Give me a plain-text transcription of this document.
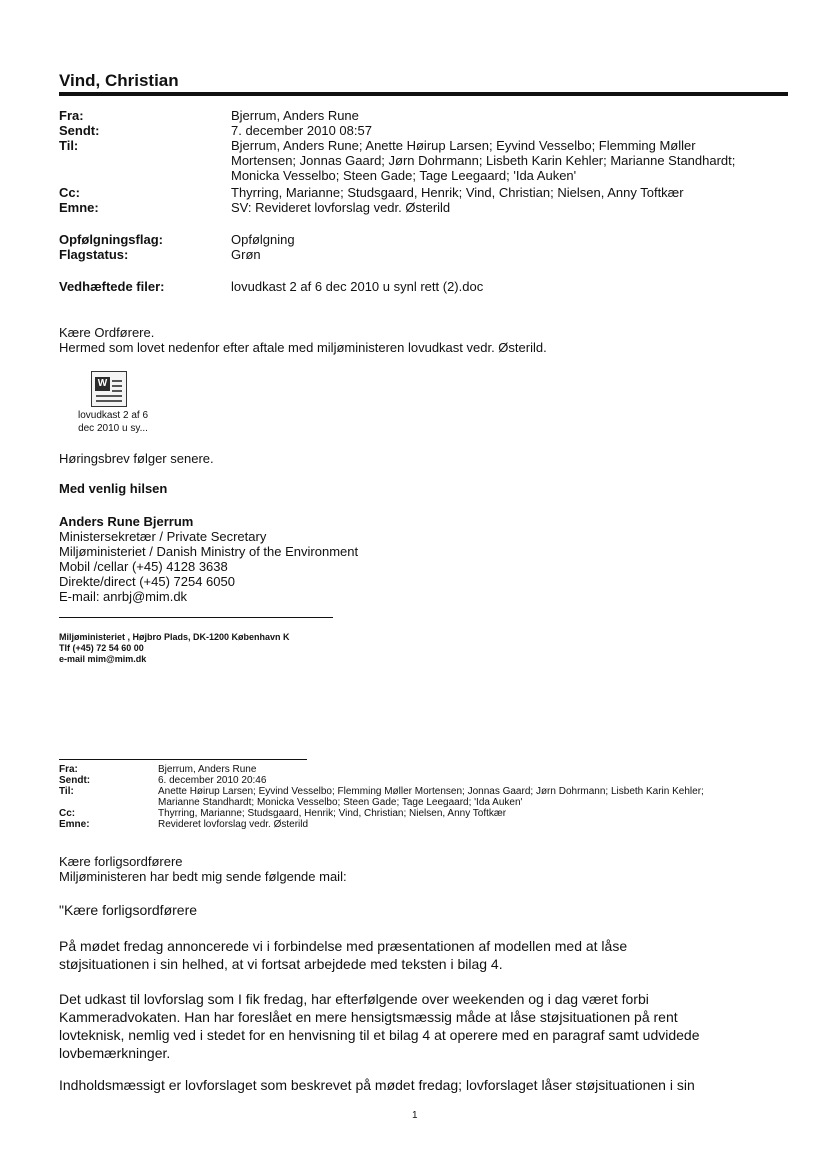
Vind, Christian
Fra:	Bjerrum, Anders Rune
Sendt:	7. december 2010 08:57
Til:	Bjerrum, Anders Rune; Anette Høirup Larsen; Eyvind Vesselbo; Flemming Møller
Mortensen; Jonnas Gaard; Jørn Dohrmann; Lisbeth Karin Kehler; Marianne Standhardt;
Monicka Vesselbo; Steen Gade; Tage Leegaard; 'Ida Auken'
Cc:	Thyrring, Marianne; Studsgaard, Henrik; Vind, Christian; Nielsen, Anny Toftkær
Emne:	SV: Revideret lovforslag vedr. Østerild
Opfølgningsflag:	Opfølgning
Flagstatus:	Grøn
Vedhæftede filer:	lovudkast 2 af 6 dec 2010 u synl rett (2).doc
Kære Ordførere.
Hermed som lovet nedenfor efter aftale med miljøministeren lovudkast vedr. Østerild.
W
lovudkast 2 af 6
dec 2010 u sy...
Høringsbrev følger senere.
Med venlig hilsen
Anders Rune Bjerrum
Ministersekretær / Private Secretary
Miljøministeriet / Danish Ministry of the Environment
Mobil /cellar (+45) 4128 3638
Direkte/direct (+45) 7254 6050
E-mail: anrbj@mim.dk
Miljøministeriet , Højbro Plads, DK-1200 København K
Tlf (+45) 72 54 60 00
e-mail mim@mim.dk
Fra:	Bjerrum, Anders Rune
Sendt:	6. december 2010 20:46
Til:	Anette Høirup Larsen; Eyvind Vesselbo; Flemming Møller Mortensen; Jonnas Gaard; Jørn Dohrmann; Lisbeth Karin Kehler;
Marianne Standhardt; Monicka Vesselbo; Steen Gade; Tage Leegaard; 'Ida Auken'
Cc:	Thyrring, Marianne; Studsgaard, Henrik; Vind, Christian; Nielsen, Anny Toftkær
Emne:	Revideret lovforslag vedr. Østerild
Kære forligsordførere
Miljøministeren har bedt mig sende følgende mail:
"Kære forligsordførere
På mødet fredag annoncerede vi i forbindelse med præsentationen af modellen med at låse
støjsituationen i sin helhed, at vi fortsat arbejdede med teksten i bilag 4.
Det udkast til lovforslag som I fik fredag, har efterfølgende over weekenden og i dag været forbi
Kammeradvokaten. Han har foreslået en mere hensigtsmæssig måde at låse støjsituationen på rent
lovteknisk, nemlig ved i stedet for en henvisning til et bilag 4 at operere med en paragraf samt udvidede
lovbemærkninger.
Indholdsmæssigt er lovforslaget som beskrevet på mødet fredag; lovforslaget låser støjsituationen i sin
1
